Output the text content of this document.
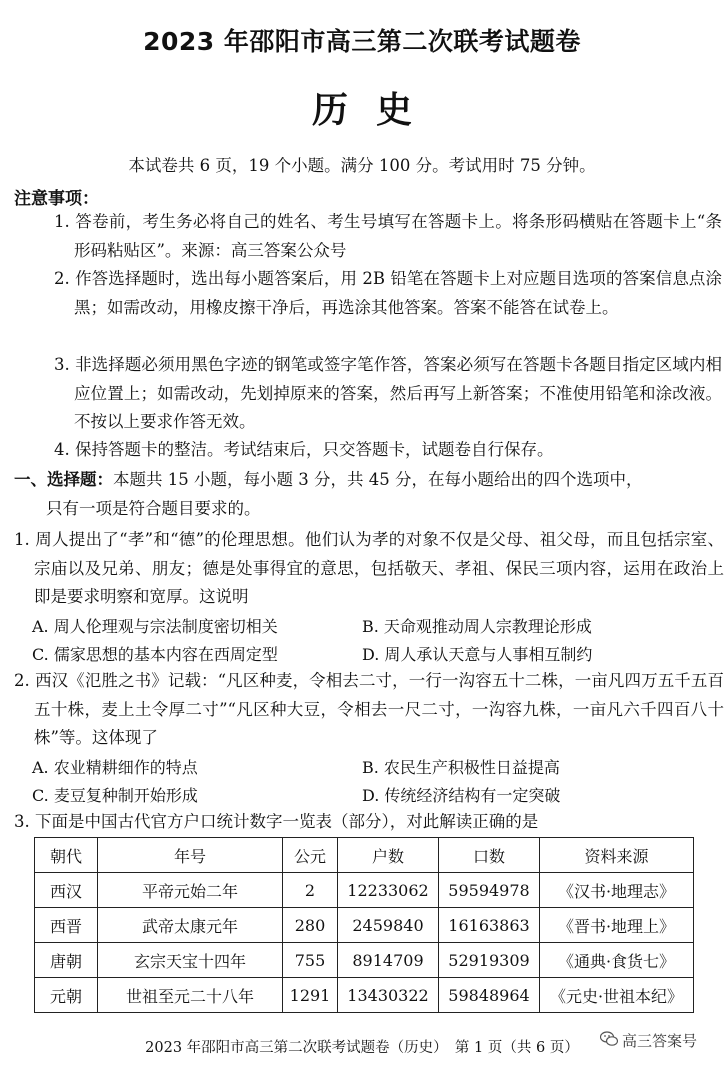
2023 年邵阳市高三第二次联考试题卷
历史
本试卷共 6 页，19 个小题。满分 100 分。考试用时 75 分钟。
注意事项：
1. 答卷前，考生务必将自己的姓名、考生号填写在答题卡上。将条形码横贴在答题卡上“条形码粘贴区”。来源：高三答案公众号
2. 作答选择题时，选出每小题答案后，用 2B 铅笔在答题卡上对应题目选项的答案信息点涂黑；如需改动，用橡皮擦干净后，再选涂其他答案。答案不能答在试卷上。
3. 非选择题必须用黑色字迹的钢笔或签字笔作答，答案必须写在答题卡各题目指定区域内相应位置上；如需改动，先划掉原来的答案，然后再写上新答案；不准使用铅笔和涂改液。不按以上要求作答无效。
4. 保持答题卡的整洁。考试结束后，只交答题卡，试题卷自行保存。
一、选择题：本题共 15 小题，每小题 3 分，共 45 分，在每小题给出的四个选项中，
只有一项是符合题目要求的。
1. 周人提出了“孝”和“德”的伦理思想。他们认为孝的对象不仅是父母、祖父母，而且包括宗室、宗庙以及兄弟、朋友；德是处事得宜的意思，包括敬天、孝祖、保民三项内容，运用在政治上即是要求明察和宽厚。这说明
A. 周人伦理观与宗法制度密切相关	B. 天命观推动周人宗教理论形成
C. 儒家思想的基本内容在西周定型	D. 周人承认天意与人事相互制约
2. 西汉《氾胜之书》记载：“凡区种麦，令相去二寸，一行一沟容五十二株，一亩凡四万五千五百五十株，麦上土令厚二寸”“凡区种大豆，令相去一尺二寸，一沟容九株，一亩凡六千四百八十株”等。这体现了
A. 农业精耕细作的特点	B. 农民生产积极性日益提高
C. 麦豆复种制开始形成	D. 传统经济结构有一定突破
3. 下面是中国古代官方户口统计数字一览表（部分），对此解读正确的是
朝代	年号	公元	户数	口数	资料来源
西汉	平帝元始二年	2	12233062	59594978	《汉书·地理志》
西晋	武帝太康元年	280	2459840	16163863	《晋书·地理上》
唐朝	玄宗天宝十四年	755	8914709	52919309	《通典·食货七》
元朝	世祖至元二十八年	1291	13430322	59848964	《元史·世祖本纪》
2023 年邵阳市高三第二次联考试题卷（历史）　第 1 页（共 6 页）	高三答案号
